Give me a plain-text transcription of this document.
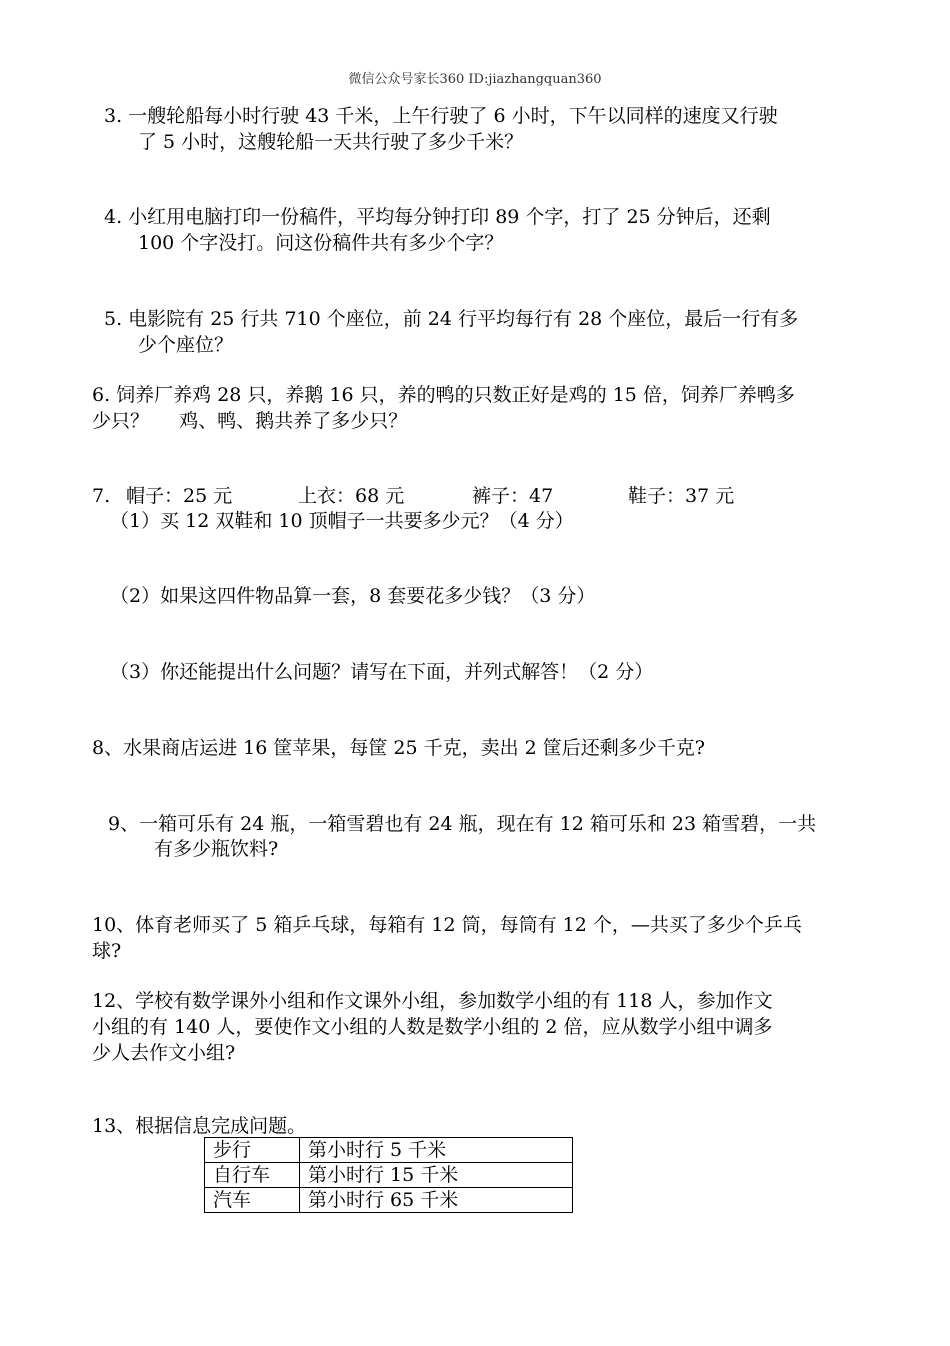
微信公众号家长360 ID:jiazhangquan360
3. 一艘轮船每小时行驶 43 千米，上午行驶了 6 小时，下午以同样的速度又行驶
了 5 小时，这艘轮船一天共行驶了多少千米？
4. 小红用电脑打印一份稿件，平均每分钟打印 89 个字，打了 25 分钟后，还剩
100 个字没打。问这份稿件共有多少个字？
5. 电影院有 25 行共 710 个座位，前 24 行平均每行有 28 个座位，最后一行有多
少个座位？
6. 饲养厂养鸡 28 只，养鹅 16 只，养的鸭的只数正好是鸡的 15 倍，饲养厂养鸭多
少只？     鸡、鸭、鹅共养了多少只？
7. 帽子：25 元	上衣：68 元	裤子：47	鞋子：37 元
（1）买 12 双鞋和 10 顶帽子一共要多少元？（4 分）
（2）如果这四件物品算一套，8 套要花多少钱？（3 分）
（3）你还能提出什么问题？请写在下面，并列式解答！（2 分）
8、水果商店运进 16 筐苹果，每筐 25 千克，卖出 2 筐后还剩多少千克?
9、一箱可乐有 24 瓶，一箱雪碧也有 24 瓶，现在有 12 箱可乐和 23 箱雪碧，一共
有多少瓶饮料?
10、体育老师买了 5 箱乒乓球，每箱有 12 筒，每筒有 12 个，—共买了多少个乒乓
球?
12、学校有数学课外小组和作文课外小组，参加数学小组的有 118 人，参加作文
小组的有 140 人，要使作文小组的人数是数学小组的 2 倍，应从数学小组中调多
少人去作文小组?
13、根据信息完成问题。
步行	第小时行 5 千米
自行车	第小时行 15 千米
汽车	第小时行 65 千米
